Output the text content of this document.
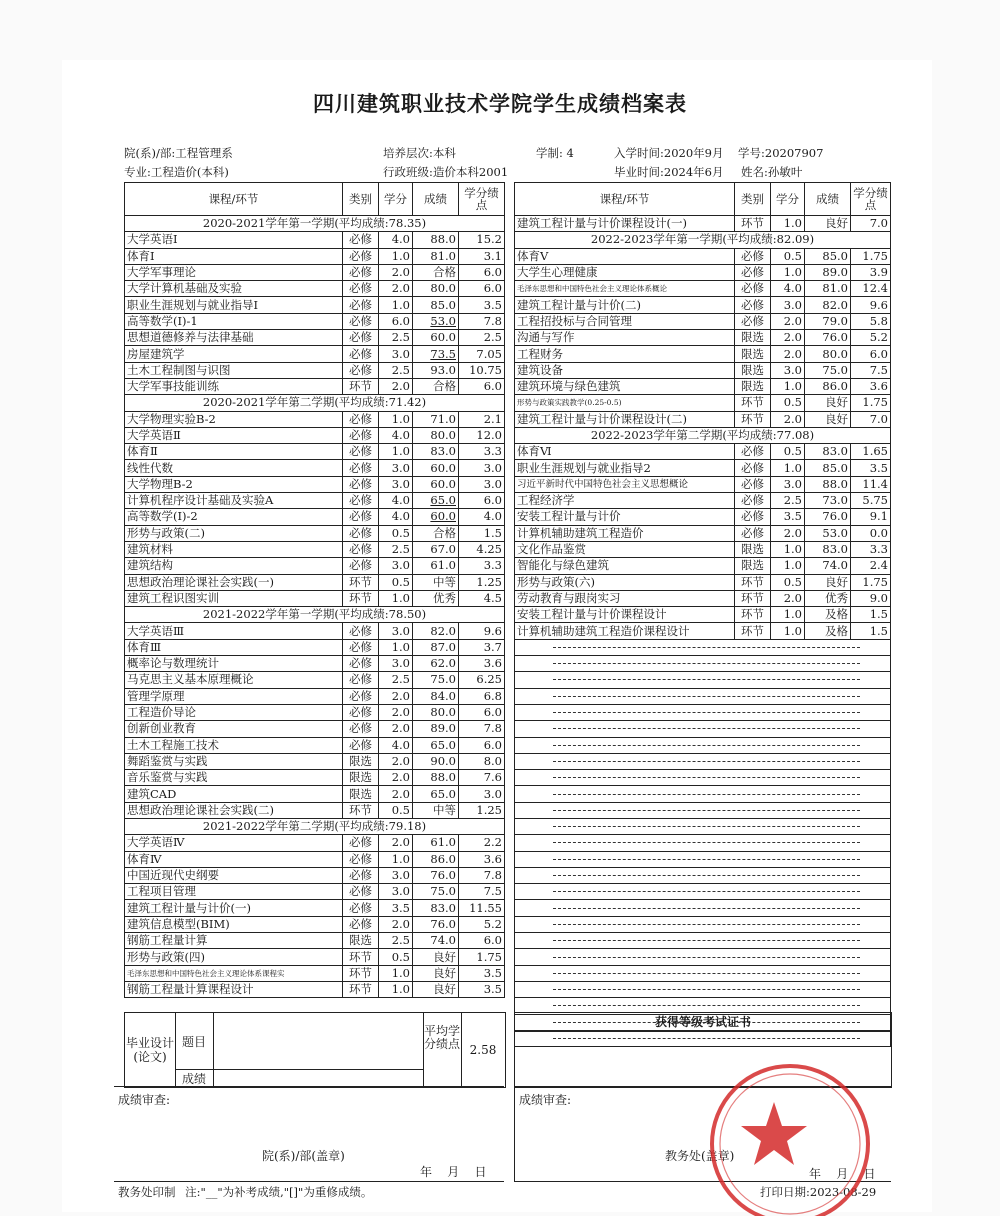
四川建筑职业技术学院学生成绩档案表
院(系)/部:工程管理系	培养层次:本科	学制: 4	入学时间:2020年9月 学号:20207907
专业:工程造价(本科)	行政班级:造价本科2001	毕业时间:2024年6月 姓名:孙敏叶
课程/环节	类别	学分	成绩	学分绩点
2020-2021学年第一学期(平均成绩:78.35)				
大学英语Ⅰ	必修	4.0	88.0	15.2
体育Ⅰ	必修	1.0	81.0	3.1
大学军事理论	必修	2.0	合格	6.0
大学计算机基础及实验	必修	2.0	80.0	6.0
职业生涯规划与就业指导Ⅰ	必修	1.0	85.0	3.5
高等数学(Ⅰ)-1	必修	6.0	53.0	7.8
思想道德修养与法律基础	必修	2.5	60.0	2.5
房屋建筑学	必修	3.0	73.5	7.05
土木工程制图与识图	必修	2.5	93.0	10.75
大学军事技能训练	环节	2.0	合格	6.0
2020-2021学年第二学期(平均成绩:71.42)				
大学物理实验B-2	必修	1.0	71.0	2.1
大学英语Ⅱ	必修	4.0	80.0	12.0
体育Ⅱ	必修	1.0	83.0	3.3
线性代数	必修	3.0	60.0	3.0
大学物理B-2	必修	3.0	60.0	3.0
计算机程序设计基础及实验A	必修	4.0	65.0	6.0
高等数学(Ⅰ)-2	必修	4.0	60.0	4.0
形势与政策(二)	必修	0.5	合格	1.5
建筑材料	必修	2.5	67.0	4.25
建筑结构	必修	3.0	61.0	3.3
思想政治理论课社会实践(一)	环节	0.5	中等	1.25
建筑工程识图实训	环节	1.0	优秀	4.5
2021-2022学年第一学期(平均成绩:78.50)				
大学英语Ⅲ	必修	3.0	82.0	9.6
体育Ⅲ	必修	1.0	87.0	3.7
概率论与数理统计	必修	3.0	62.0	3.6
马克思主义基本原理概论	必修	2.5	75.0	6.25
管理学原理	必修	2.0	84.0	6.8
工程造价导论	必修	2.0	80.0	6.0
创新创业教育	必修	2.0	89.0	7.8
土木工程施工技术	必修	4.0	65.0	6.0
舞蹈鉴赏与实践	限选	2.0	90.0	8.0
音乐鉴赏与实践	限选	2.0	88.0	7.6
建筑CAD	限选	2.0	65.0	3.0
思想政治理论课社会实践(二)	环节	0.5	中等	1.25
2021-2022学年第二学期(平均成绩:79.18)				
大学英语Ⅳ	必修	2.0	61.0	2.2
体育Ⅳ	必修	1.0	86.0	3.6
中国近现代史纲要	必修	3.0	76.0	7.8
工程项目管理	必修	3.0	75.0	7.5
建筑工程计量与计价(一)	必修	3.5	83.0	11.55
建筑信息模型(BIM)	必修	2.0	76.0	5.2
钢筋工程量计算	限选	2.5	74.0	6.0
形势与政策(四)	环节	0.5	良好	1.75
毛泽东思想和中国特色社会主义理论体系课程实	环节	1.0	良好	3.5
钢筋工程量计算课程设计	环节	1.0	良好	3.5
课程/环节	类别	学分	成绩	学分绩点
建筑工程计量与计价课程设计(一)	环节	1.0	良好	7.0
2022-2023学年第一学期(平均成绩:82.09)				
体育Ⅴ	必修	0.5	85.0	1.75
大学生心理健康	必修	1.0	89.0	3.9
毛泽东思想和中国特色社会主义理论体系概论	必修	4.0	81.0	12.4
建筑工程计量与计价(二)	必修	3.0	82.0	9.6
工程招投标与合同管理	必修	2.0	79.0	5.8
沟通与写作	限选	2.0	76.0	5.2
工程财务	限选	2.0	80.0	6.0
建筑设备	限选	3.0	75.0	7.5
建筑环境与绿色建筑	限选	1.0	86.0	3.6
形势与政策实践教学(0.25-0.5)	环节	0.5	良好	1.75
建筑工程计量与计价课程设计(二)	环节	2.0	良好	7.0
2022-2023学年第二学期(平均成绩:77.08)				
体育Ⅵ	必修	0.5	83.0	1.65
职业生涯规划与就业指导2	必修	1.0	85.0	3.5
习近平新时代中国特色社会主义思想概论	必修	3.0	88.0	11.4
工程经济学	必修	2.5	73.0	5.75
安装工程计量与计价	必修	3.5	76.0	9.1
计算机辅助建筑工程造价	必修	2.0	53.0	0.0
文化作品鉴赏	限选	1.0	83.0	3.3
智能化与绿色建筑	限选	1.0	74.0	2.4
形势与政策(六)	环节	0.5	良好	1.75
劳动教育与跟岗实习	环节	2.0	优秀	9.0
安装工程计量与计价课程设计	环节	1.0	及格	1.5
计算机辅助建筑工程造价课程设计	环节	1.0	及格	1.5

毕业设计(论文)
题目
成绩
平均学分绩点 2.58
获得等级考试证书
成绩审查:
院(系)/部(盖章)
年    月    日
成绩审查:
教务处(盖章)
年    月    日
教务处印制 注:"__"为补考成绩,"[]"为重修成绩。	打印日期:2023-08-29
